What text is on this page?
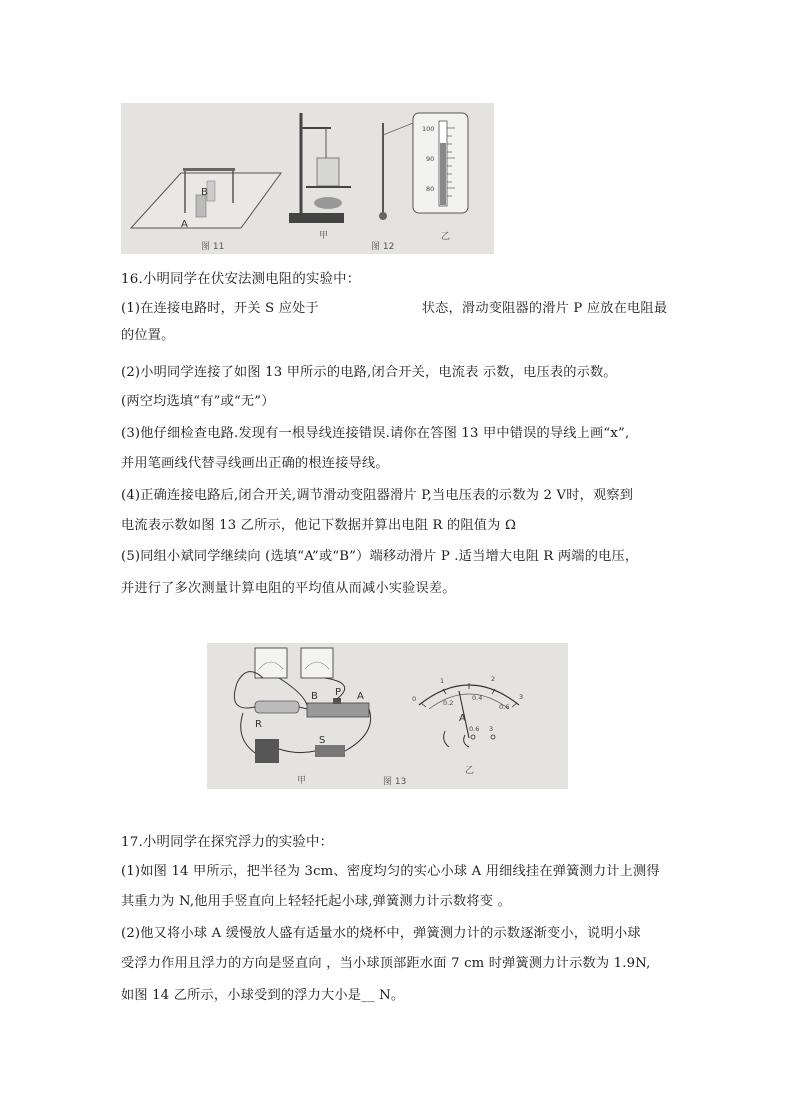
B
A
图 11
甲
图 12
100
90
80
乙
16.小明同学在伏安法测电阻的实验中：
(1)在连接电路时，开关 S 应处于	状态，滑动变阻器的滑片 P 应放在电阻最
的位置。
(2)小明同学连接了如图 13 甲所示的电路,闭合开关，电流表 示数，电压表的示数。
(两空均选填“有”或“无”）
(3)他仔细检查电路.发现有一根导线连接错误.请你在答图 13 甲中错误的导线上画“x”,
并用笔画线代替寻线画出正确的根连接导线。
(4)正确连接电路后,闭合开关,调节滑动变阻器滑片 P,当电压表的示数为 2 V时，观察到
电流表示数如图 13 乙所示，他记下数据并算出电阻 R 的阻值为 Ω
(5)同组小斌同学继续向 (选填“A”或“B”）端移动滑片 P .适当增大电阻 R 两端的电压，
并进行了多次测量计算电阻的平均值从而减小实验误差。
R
S
B P A
甲	图 13
0
1	2
3
0.2
0.4
0.6
A
0.6 3
乙
17.小明同学在探究浮力的实验中：
(1)如图 14 甲所示，把半径为 3cm、密度均匀的实心小球 A 用细线挂在弹簧测力计上测得
其重力为 N,他用手竖直向上轻轻托起小球,弹簧测力计示数将变 。
(2)他又将小球 A 缓慢放人盛有适量水的烧杯中，弹簧测力计的示数逐渐变小，说明小球
受浮力作用且浮力的方向是竖直向 ，当小球顶部距水面 7 cm 时弹簧测力计示数为 1.9N,
如图 14 乙所示，小球受到的浮力大小是__ N。
